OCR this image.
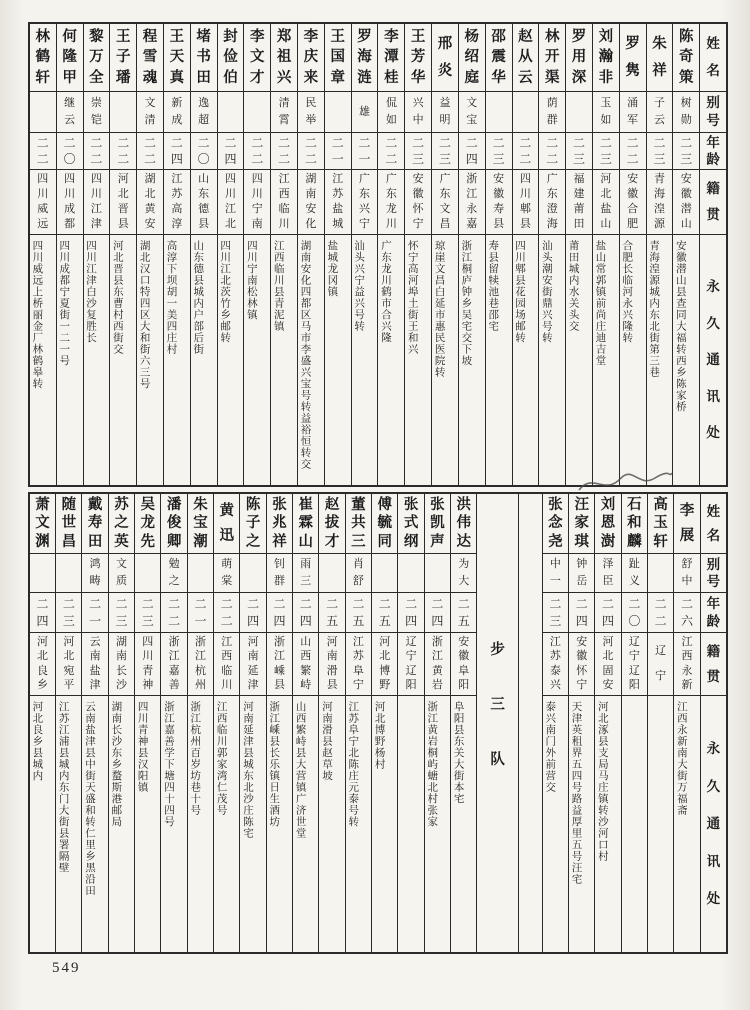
姓
名
别
号
年
龄
籍
贯
永
久
通
讯
处
陈
奇
策
树
勋
二
三
安
徽
潜
山
安徽潜山县查同大福转西乡陈家桥
朱
祥
子
云
二
三
青
海
湟
源
青海湟源城内东北街第三巷
罗
隽
涌
军
二
二
安
徽
合
肥
合肥长临河永兴隆转
刘
瀚
非
玉
如
二
三
河
北
盐
山
盐山常郭镇前尚庄迪吉堂
罗
用
深
二
三
福
建
莆
田
莆田城内水关头交
林
开
渠
荫
群
二
二
广
东
澄
海
汕头潮安街鼎兴号转
赵
从
云
二
二
四
川
郫
县
四川郫县花园场邮转
邵
震
华
二
三
安
徽
寿
县
寿县留犊池巷邵宅
杨
绍
庭
文
宝
二
四
浙
江
永
嘉
浙江桐庐钟乡吴宅交下坡
邢
炎
益
明
二
三
广
东
文
昌
琼崖文昌白延市惠民医院转
王
芳
华
兴
中
二
三
安
徽
怀
宁
怀宁高河埠土街王和兴
李
潭
桂
侃
如
二
二
广
东
龙
川
广东龙川鹤市合兴隆
罗
海
涟
雄
二
一
广
东
兴
宁
汕头兴宁益兴号转
王
国
章
二
一
江
苏
盐
城
盐城龙冈镇
李
庆
来
民
举
二
二
湖
南
安
化
湖南安化四都区马市李盛兴宝号转益裕恒转交
郑
祖
兴
清
霄
二
二
江
西
临
川
江西临川县青泥镇
李
文
才
二
二
四
川
宁
南
四川宁南松林镇
封
俭
伯
二
四
四
川
江
北
四川江北茨竹乡邮转
堵
书
田
逸
超
二
〇
山
东
德
县
山东德县城内户部后街
王
天
真
新
成
二
四
江
苏
高
淳
高淳下坝胡一美四庄村
程
雪
魂
文
清
二
二
湖
北
黄
安
湖北汉口特四区大和街六三号
王
子
璠
二
二
河
北
晋
县
河北晋县东曹村西街交
黎
万
全
崇
铠
二
二
四
川
江
津
四川江津白沙复胜长
何
隆
甲
继
云
二
〇
四
川
成
都
四川成都宁夏街一二一号
林
鹤
轩
二
二
四
川
威
远
四川威远上桥丽金厂林鹤皋转
姓
名
别
号
年
龄
籍
贯
永
久
通
讯
处
李
展
舒
中
二
六
江
西
永
新
江西永新南大街万福斋
高
玉
轩
二
二
辽
宁
石
和
麟
趾
义
二
〇
辽
宁
辽
阳
刘
恩
澍
泽
臣
二
四
河
北
固
安
河北涿县支局马庄镇转沙河口村
汪
家
琪
钟
岳
二
四
安
徽
怀
宁
天津英租界五四号路益厚里五号汪宅
张
念
尧
中
一
二
三
江
苏
泰
兴
泰兴南门外前营交
步
三
队
洪
伟
达
为
大
二
五
安
徽
阜
阳
阜阳县东关大街本宅
张
凯
声
二
四
浙
江
黄
岩
浙江黄岩桐屿螗北村张家
张
式
纲
二
四
辽
宁
辽
阳
傅
毓
同
二
五
河
北
博
野
河北博野杨村
董
共
三
肖
舒
二
五
江
苏
阜
宁
江苏阜宁北陈庄元泰号转
赵
拔
才
二
五
河
南
滑
县
河南滑县赵草坡
崔
霖
山
雨
三
二
四
山
西
繁
峙
山西繁峙县大营镇广济世堂
张
兆
祥
钊
群
二
四
浙
江
嵊
县
浙江嵊县长乐镇日生酒坊
陈
子
之
二
四
河
南
延
津
河南延津县城东北沙庄陈宅
黄
迅
萌
棠
二
二
江
西
临
川
江西临川郭家湾仁茂号
朱
宝
潮
二
一
浙
江
杭
州
浙江杭州百岁坊巷十号
潘
俊
卿
勉
之
二
二
浙
江
嘉
善
浙江嘉善学下塘四十四号
吴
龙
先
二
三
四
川
青
神
四川青神县汉阳镇
苏
之
英
文
质
二
三
湖
南
长
沙
湖南长沙东乡蝥斯港邮局
戴
寿
田
鸿
畴
二
一
云
南
盐
津
云南盐津县中街天盛和转仁里乡黑沿田
随
世
昌
二
三
河
北
宛
平
江苏江浦县城内东门大街县署隔壁
萧
文
渊
二
四
河
北
良
乡
河北良乡县城内
549
